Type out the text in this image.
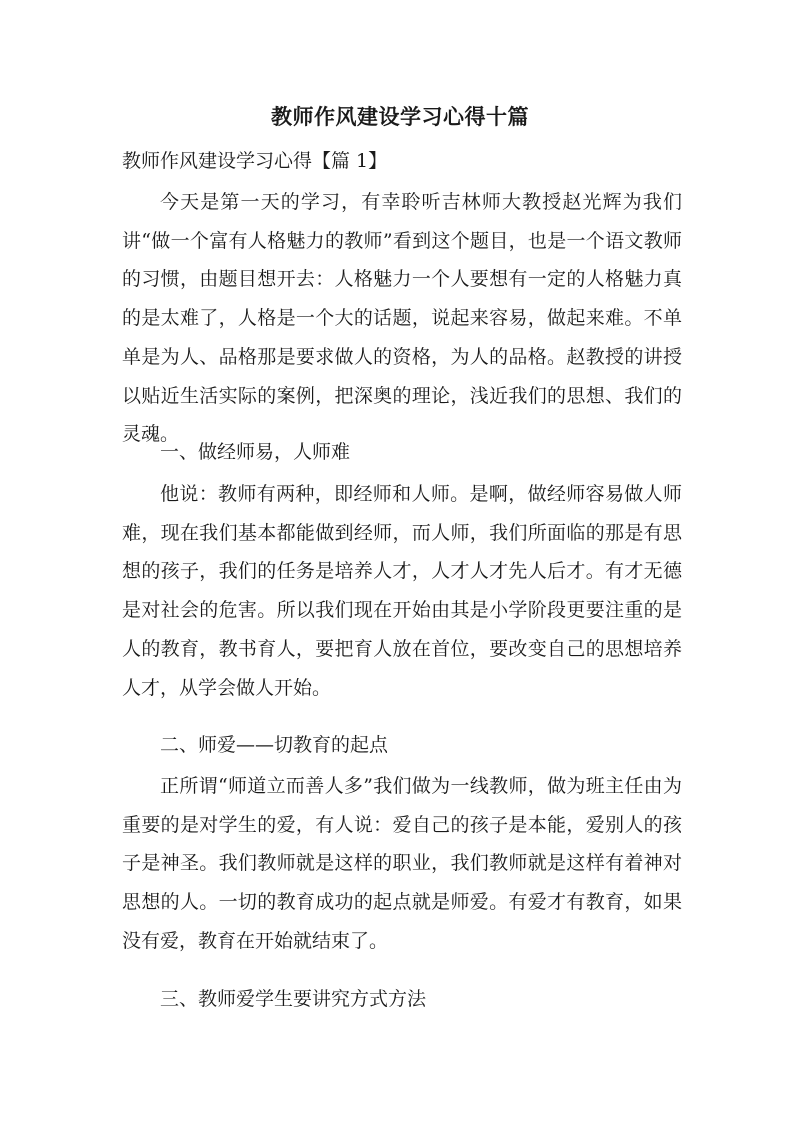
教师作风建设学习心得十篇
教师作风建设学习心得【篇 1】

今天是第一天的学习，有幸聆听吉林师大教授赵光辉为我们讲“做一个富有人格魅力的教师”看到这个题目，也是一个语文教师的习惯，由题目想开去：人格魅力一个人要想有一定的人格魅力真的是太难了，人格是一个大的话题，说起来容易，做起来难。不单单是为人、品格那是要求做人的资格，为人的品格。赵教授的讲授以贴近生活实际的案例，把深奥的理论，浅近我们的思想、我们的灵魂。

一、做经师易，人师难

他说：教师有两种，即经师和人师。是啊，做经师容易做人师难，现在我们基本都能做到经师，而人师，我们所面临的那是有思想的孩子，我们的任务是培养人才，人才人才先人后才。有才无德是对社会的危害。所以我们现在开始由其是小学阶段更要注重的是人的教育，教书育人，要把育人放在首位，要改变自己的思想培养人才，从学会做人开始。

二、师爱——切教育的起点

正所谓“师道立而善人多”我们做为一线教师，做为班主任由为重要的是对学生的爱，有人说：爱自己的孩子是本能，爱别人的孩子是神圣。我们教师就是这样的职业，我们教师就是这样有着神对思想的人。一切的教育成功的起点就是师爱。有爱才有教育，如果没有爱，教育在开始就结束了。

三、教师爱学生要讲究方式方法
